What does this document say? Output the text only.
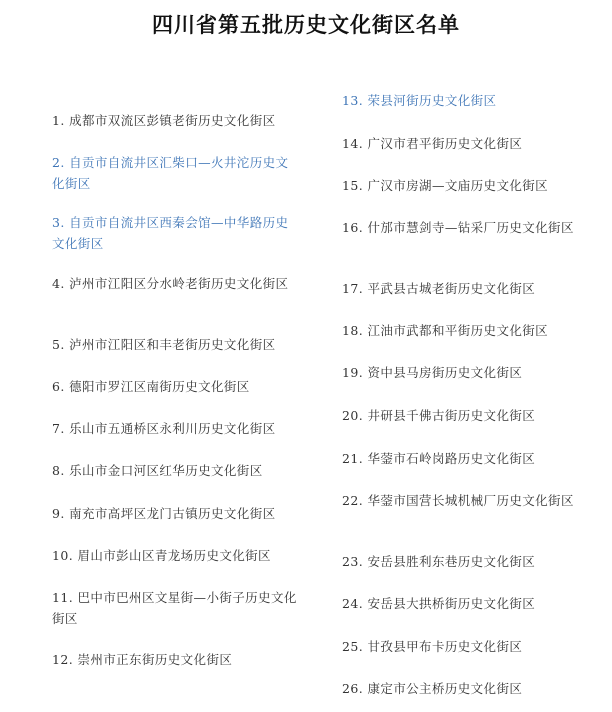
四川省第五批历史文化街区名单

1. 成都市双流区彭镇老街历史文化街区

2. 自贡市自流井区汇柴口—火井沱历史文化街区

3. 自贡市自流井区西秦会馆—中华路历史文化街区

4. 泸州市江阳区分水岭老街历史文化街区

5. 泸州市江阳区和丰老街历史文化街区

6. 德阳市罗江区南街历史文化街区

7. 乐山市五通桥区永利川历史文化街区

8. 乐山市金口河区红华历史文化街区

9. 南充市高坪区龙门古镇历史文化街区

10. 眉山市彭山区青龙场历史文化街区

11. 巴中市巴州区文星街—小街子历史文化街区

12. 崇州市正东街历史文化街区

13. 荣县河街历史文化街区

14. 广汉市君平街历史文化街区

15. 广汉市房湖—文庙历史文化街区

16. 什邡市慧剑寺—钻采厂历史文化街区

17. 平武县古城老街历史文化街区

18. 江油市武都和平街历史文化街区

19. 资中县马房街历史文化街区

20. 井研县千佛古街历史文化街区

21. 华蓥市石岭岗路历史文化街区

22. 华蓥市国营长城机械厂历史文化街区

23. 安岳县胜利东巷历史文化街区

24. 安岳县大拱桥街历史文化街区

25. 甘孜县甲布卡历史文化街区

26. 康定市公主桥历史文化街区
